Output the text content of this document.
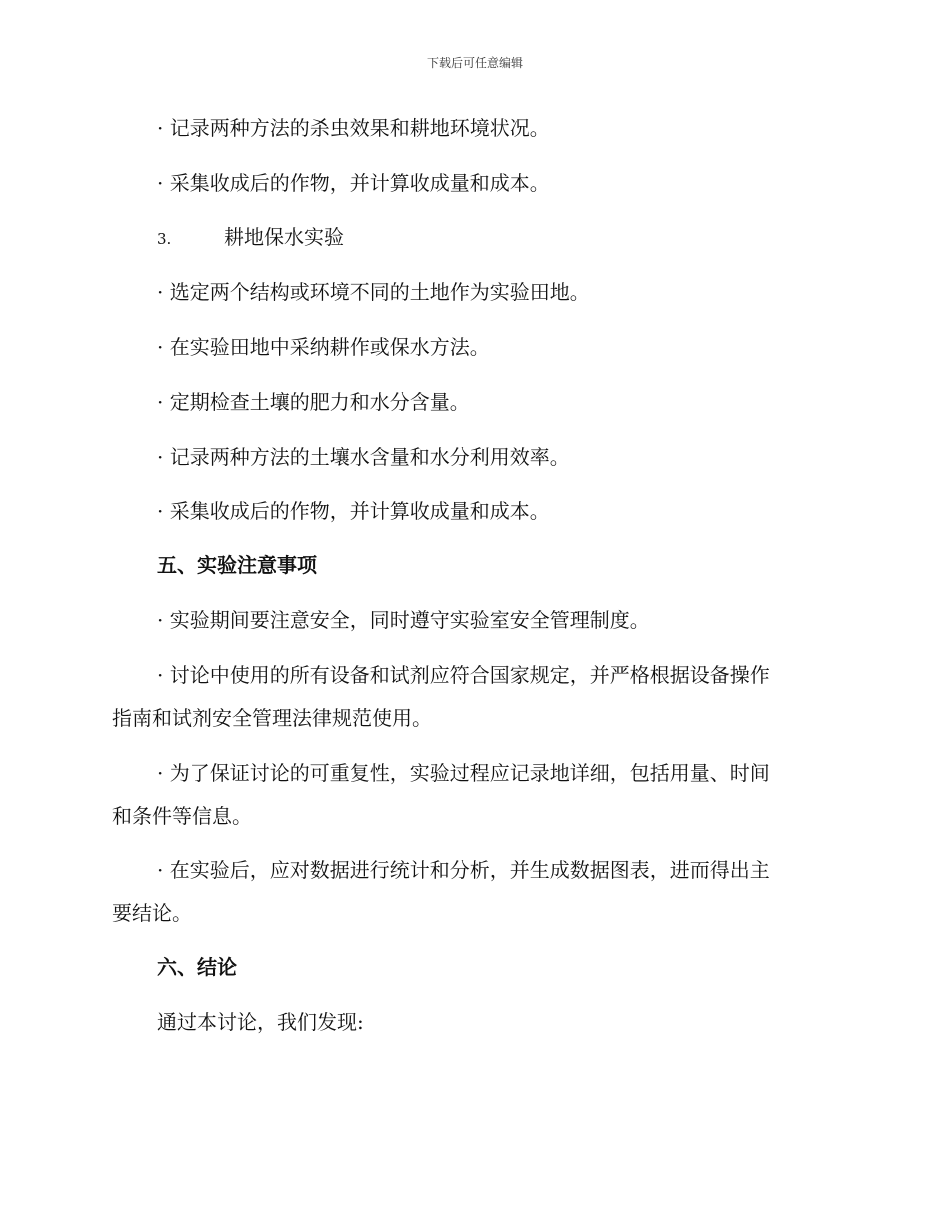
下载后可任意编辑
· 记录两种方法的杀虫效果和耕地环境状况。
· 采集收成后的作物，并计算收成量和成本。
3.	耕地保水实验
· 选定两个结构或环境不同的土地作为实验田地。
· 在实验田地中采纳耕作或保水方法。
· 定期检查土壤的肥力和水分含量。
· 记录两种方法的土壤水含量和水分利用效率。
· 采集收成后的作物，并计算收成量和成本。
五、实验注意事项
· 实验期间要注意安全，同时遵守实验室安全管理制度。
· 讨论中使用的所有设备和试剂应符合国家规定，并严格根据设备操作
指南和试剂安全管理法律规范使用。
· 为了保证讨论的可重复性，实验过程应记录地详细，包括用量、时间
和条件等信息。
· 在实验后，应对数据进行统计和分析，并生成数据图表，进而得出主
要结论。
六、结论
通过本讨论，我们发现:
